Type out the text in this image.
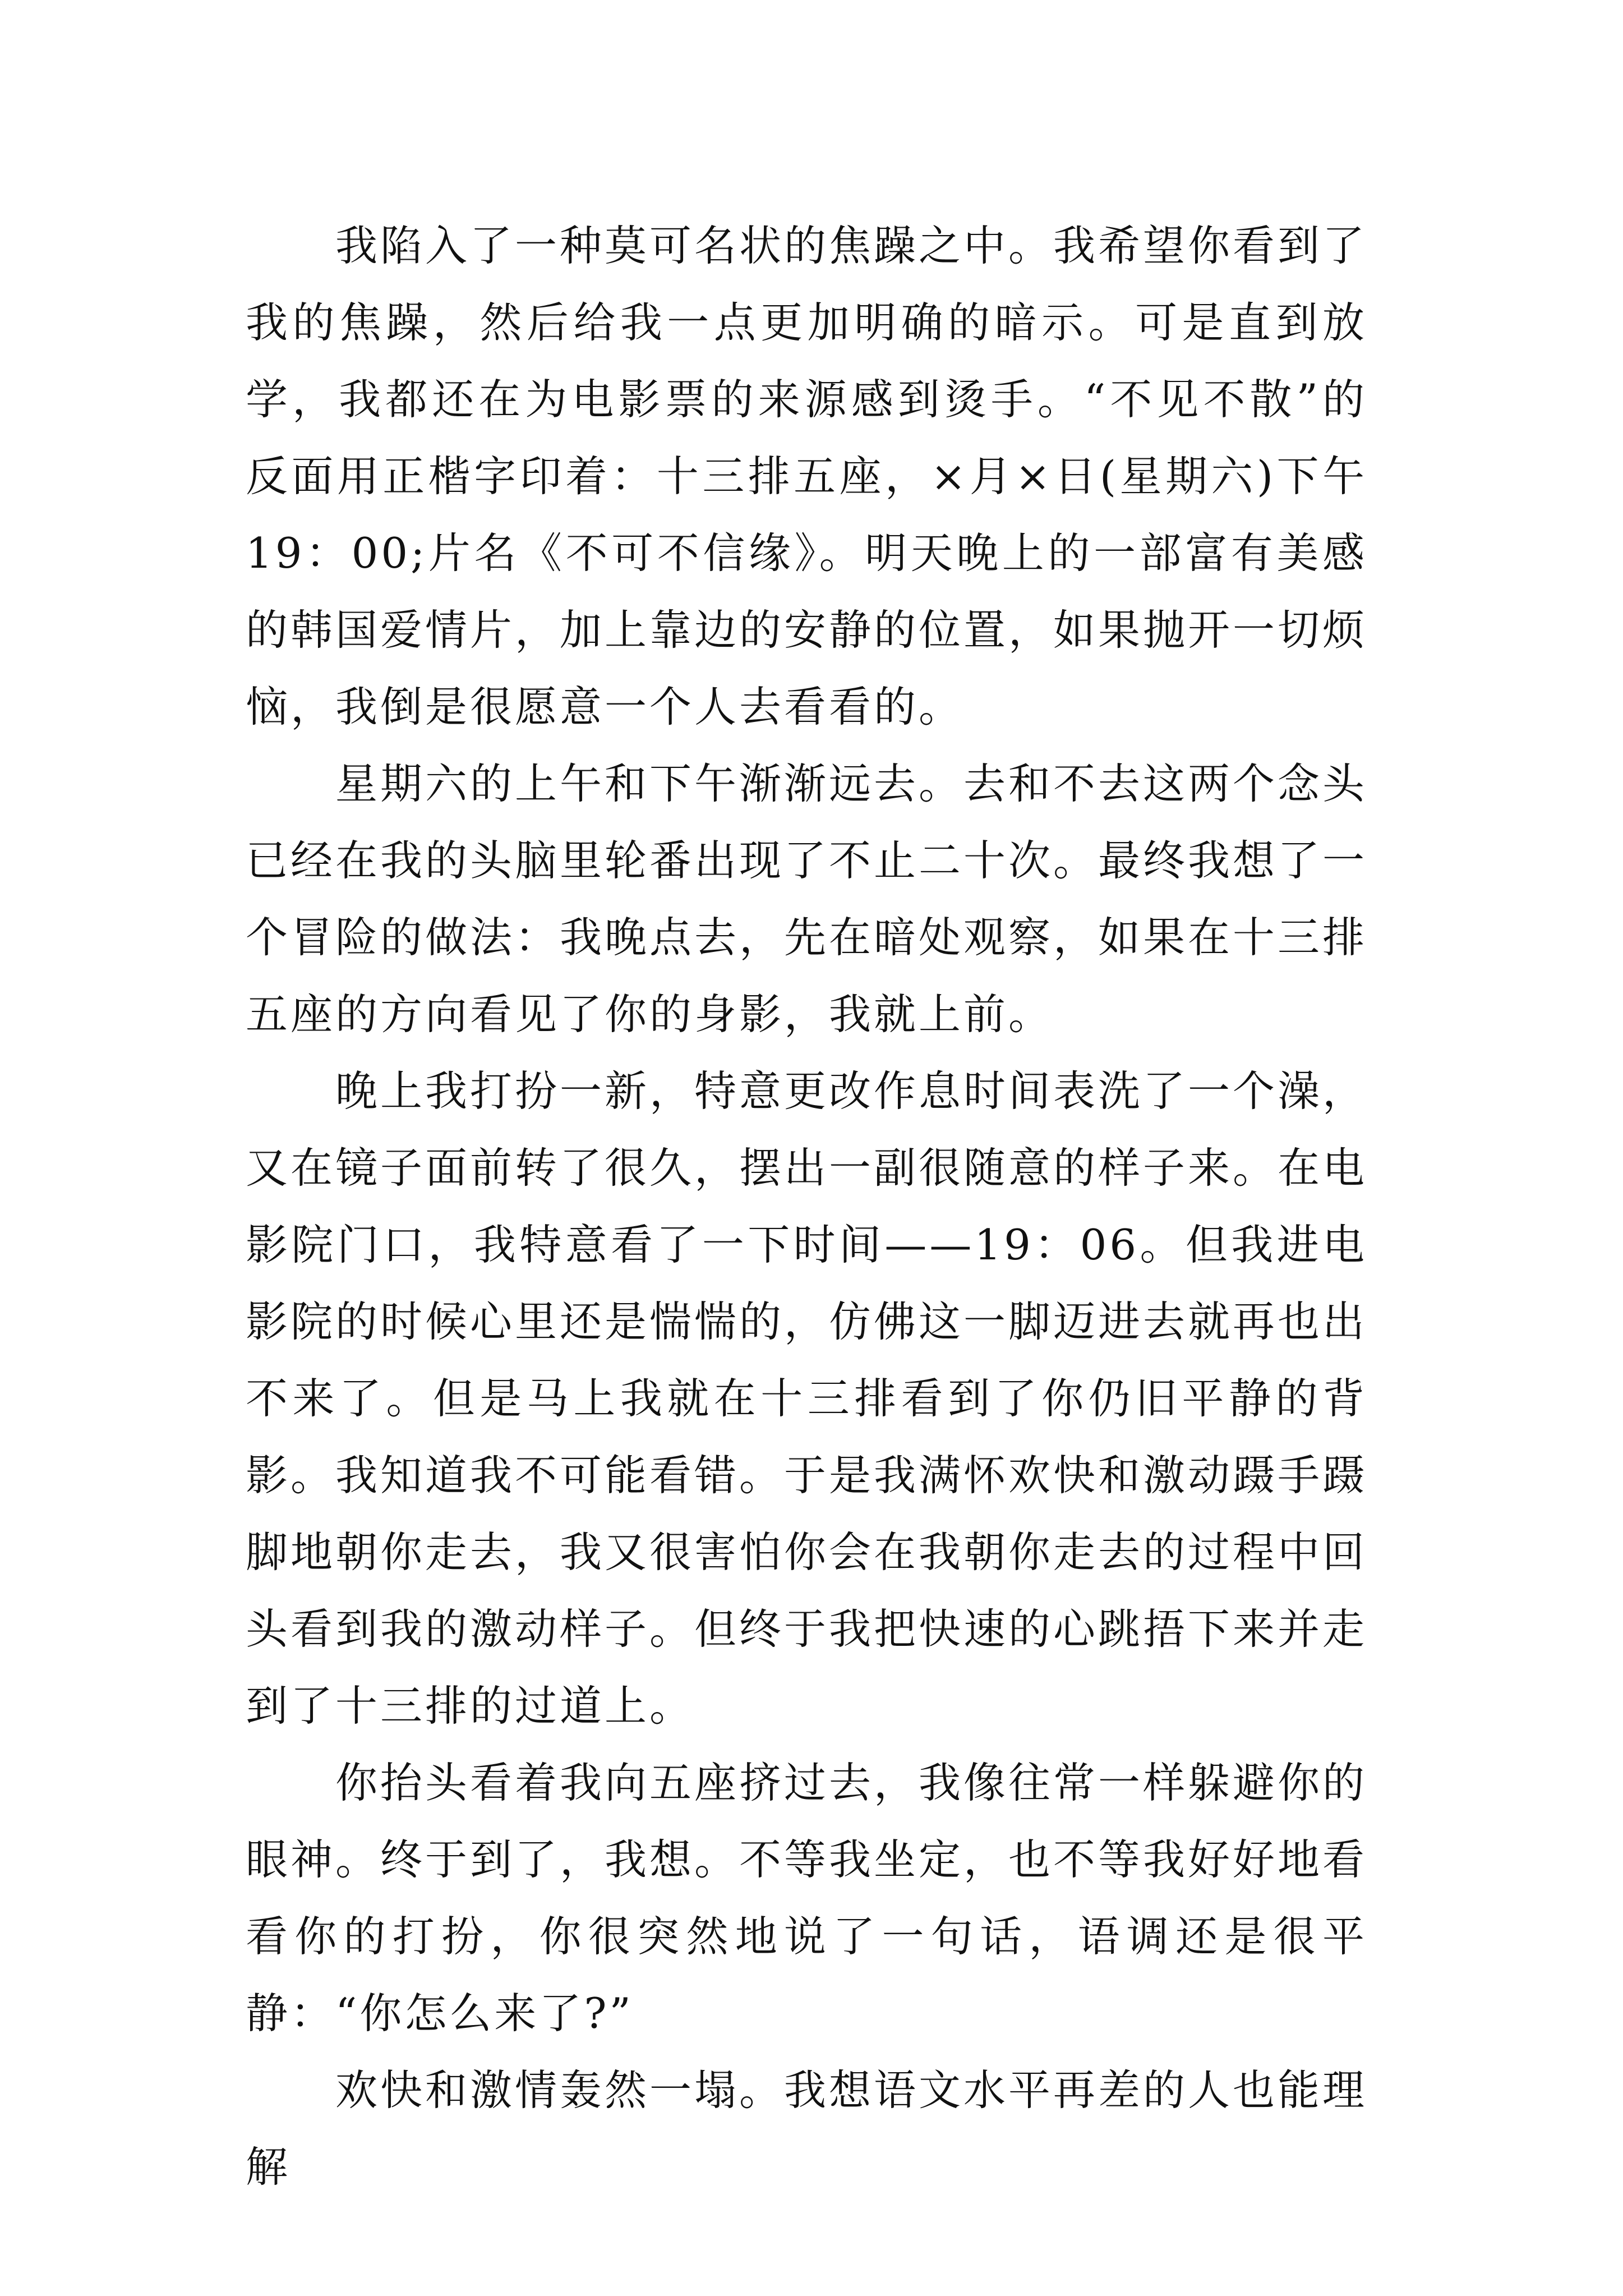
我陷入了一种莫可名状的焦躁之中。我希望你看到了我的焦躁，然后给我一点更加明确的暗示。可是直到放学，我都还在为电影票的来源感到烫手。“不见不散”的反面用正楷字印着：十三排五座，×月×日(星期六)下午 19：00;片名《不可不信缘》。明天晚上的一部富有美感的韩国爱情片，加上靠边的安静的位置，如果抛开一切烦恼，我倒是很愿意一个人去看看的。

星期六的上午和下午渐渐远去。去和不去这两个念头已经在我的头脑里轮番出现了不止二十次。最终我想了一个冒险的做法：我晚点去，先在暗处观察，如果在十三排五座的方向看见了你的身影，我就上前。

晚上我打扮一新，特意更改作息时间表洗了一个澡，又在镜子面前转了很久，摆出一副很随意的样子来。在电影院门口，我特意看了一下时间——19：06。但我进电影院的时候心里还是惴惴的，仿佛这一脚迈进去就再也出不来了。但是马上我就在十三排看到了你仍旧平静的背影。我知道我不可能看错。于是我满怀欢快和激动蹑手蹑脚地朝你走去，我又很害怕你会在我朝你走去的过程中回头看到我的激动样子。但终于我把快速的心跳捂下来并走到了十三排的过道上。

你抬头看着我向五座挤过去，我像往常一样躲避你的眼神。终于到了，我想。不等我坐定，也不等我好好地看看你的打扮，你很突然地说了一句话，语调还是很平静：“你怎么来了?”

欢快和激情轰然一塌。我想语文水平再差的人也能理解
